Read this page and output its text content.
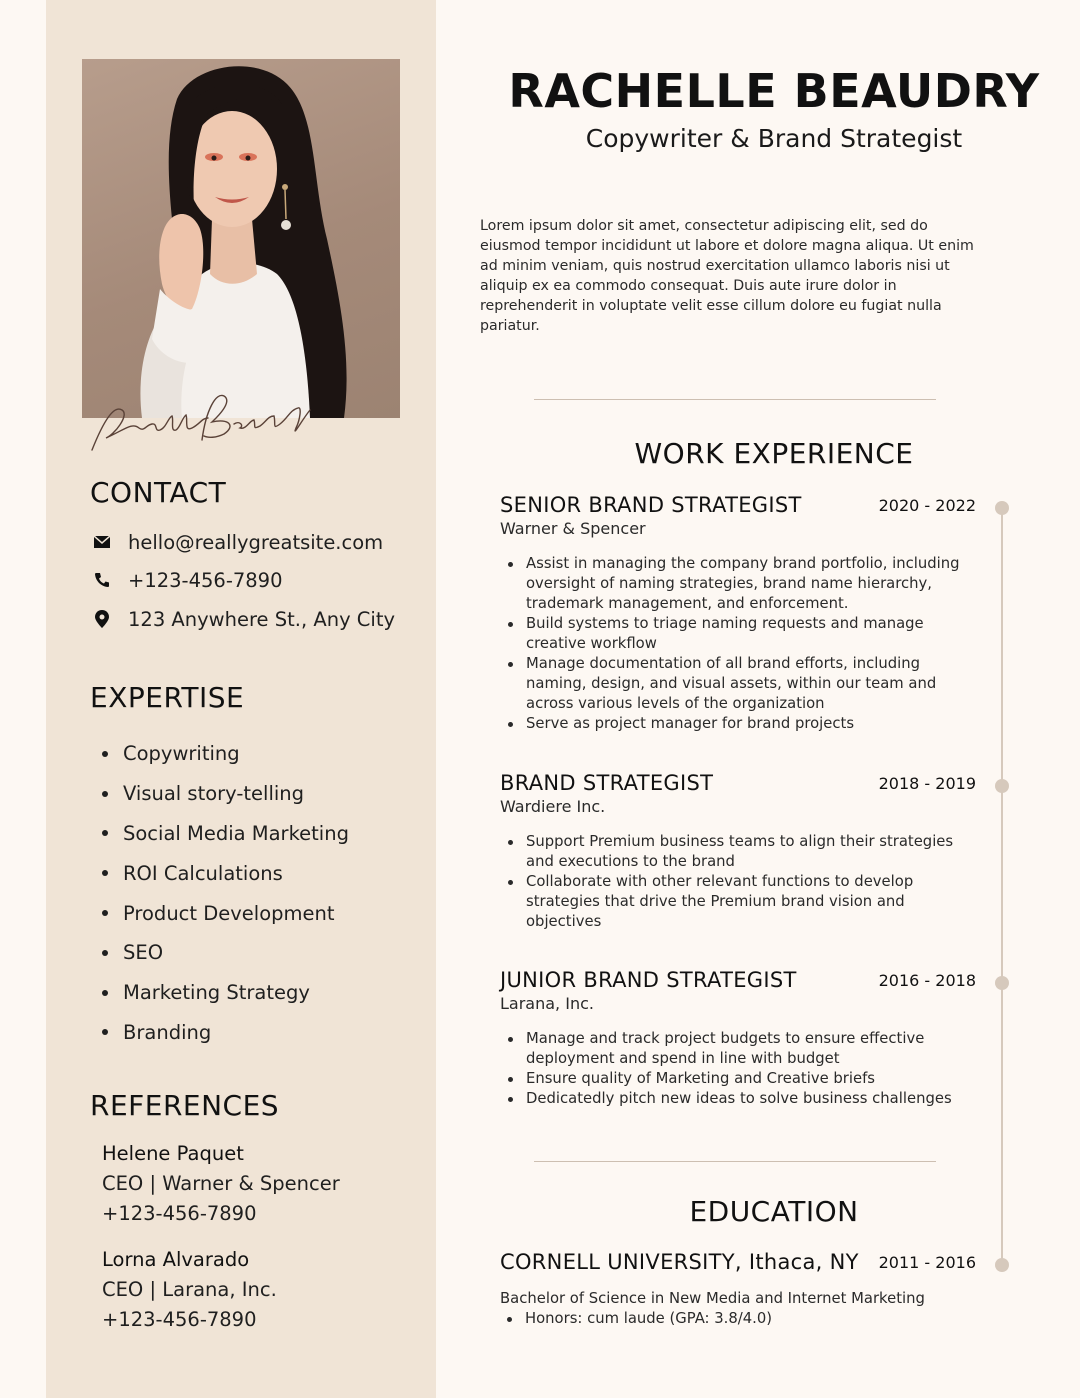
CONTACT
hello@reallygreatsite.com
+123-456-7890
123 Anywhere St., Any City
EXPERTISE
Copywriting
Visual story-telling
Social Media Marketing
ROI Calculations
Product Development
SEO
Marketing Strategy
Branding
REFERENCES
Helene Paquet
CEO | Warner & Spencer
+123-456-7890
Lorna Alvarado
CEO | Larana, Inc.
+123-456-7890
RACHELLE BEAUDRY
Copywriter & Brand Strategist
Lorem ipsum dolor sit amet, consectetur adipiscing elit, sed do eiusmod tempor incididunt ut labore et dolore magna aliqua. Ut enim ad minim veniam, quis nostrud exercitation ullamco laboris nisi ut aliquip ex ea commodo consequat. Duis aute irure dolor in reprehenderit in voluptate velit esse cillum dolore eu fugiat nulla pariatur.
WORK EXPERIENCE
SENIOR BRAND STRATEGIST	2020 - 2022
Warner & Spencer
Assist in managing the company brand portfolio, including oversight of naming strategies, brand name hierarchy, trademark management, and enforcement.
Build systems to triage naming requests and manage creative workflow
Manage documentation of all brand efforts, including naming, design, and visual assets, within our team and across various levels of the organization
Serve as project manager for brand projects
BRAND STRATEGIST	2018 - 2019
Wardiere Inc.
Support Premium business teams to align their strategies and executions to the brand
Collaborate with other relevant functions to develop strategies that drive the Premium brand vision and objectives
JUNIOR BRAND STRATEGIST	2016 - 2018
Larana, Inc.
Manage and track project budgets to ensure effective deployment and spend in line with budget
Ensure quality of Marketing and Creative briefs
Dedicatedly pitch new ideas to solve business challenges
EDUCATION
CORNELL UNIVERSITY, Ithaca, NY	2011 - 2016
Bachelor of Science in New Media and Internet Marketing
Honors: cum laude (GPA: 3.8/4.0)
